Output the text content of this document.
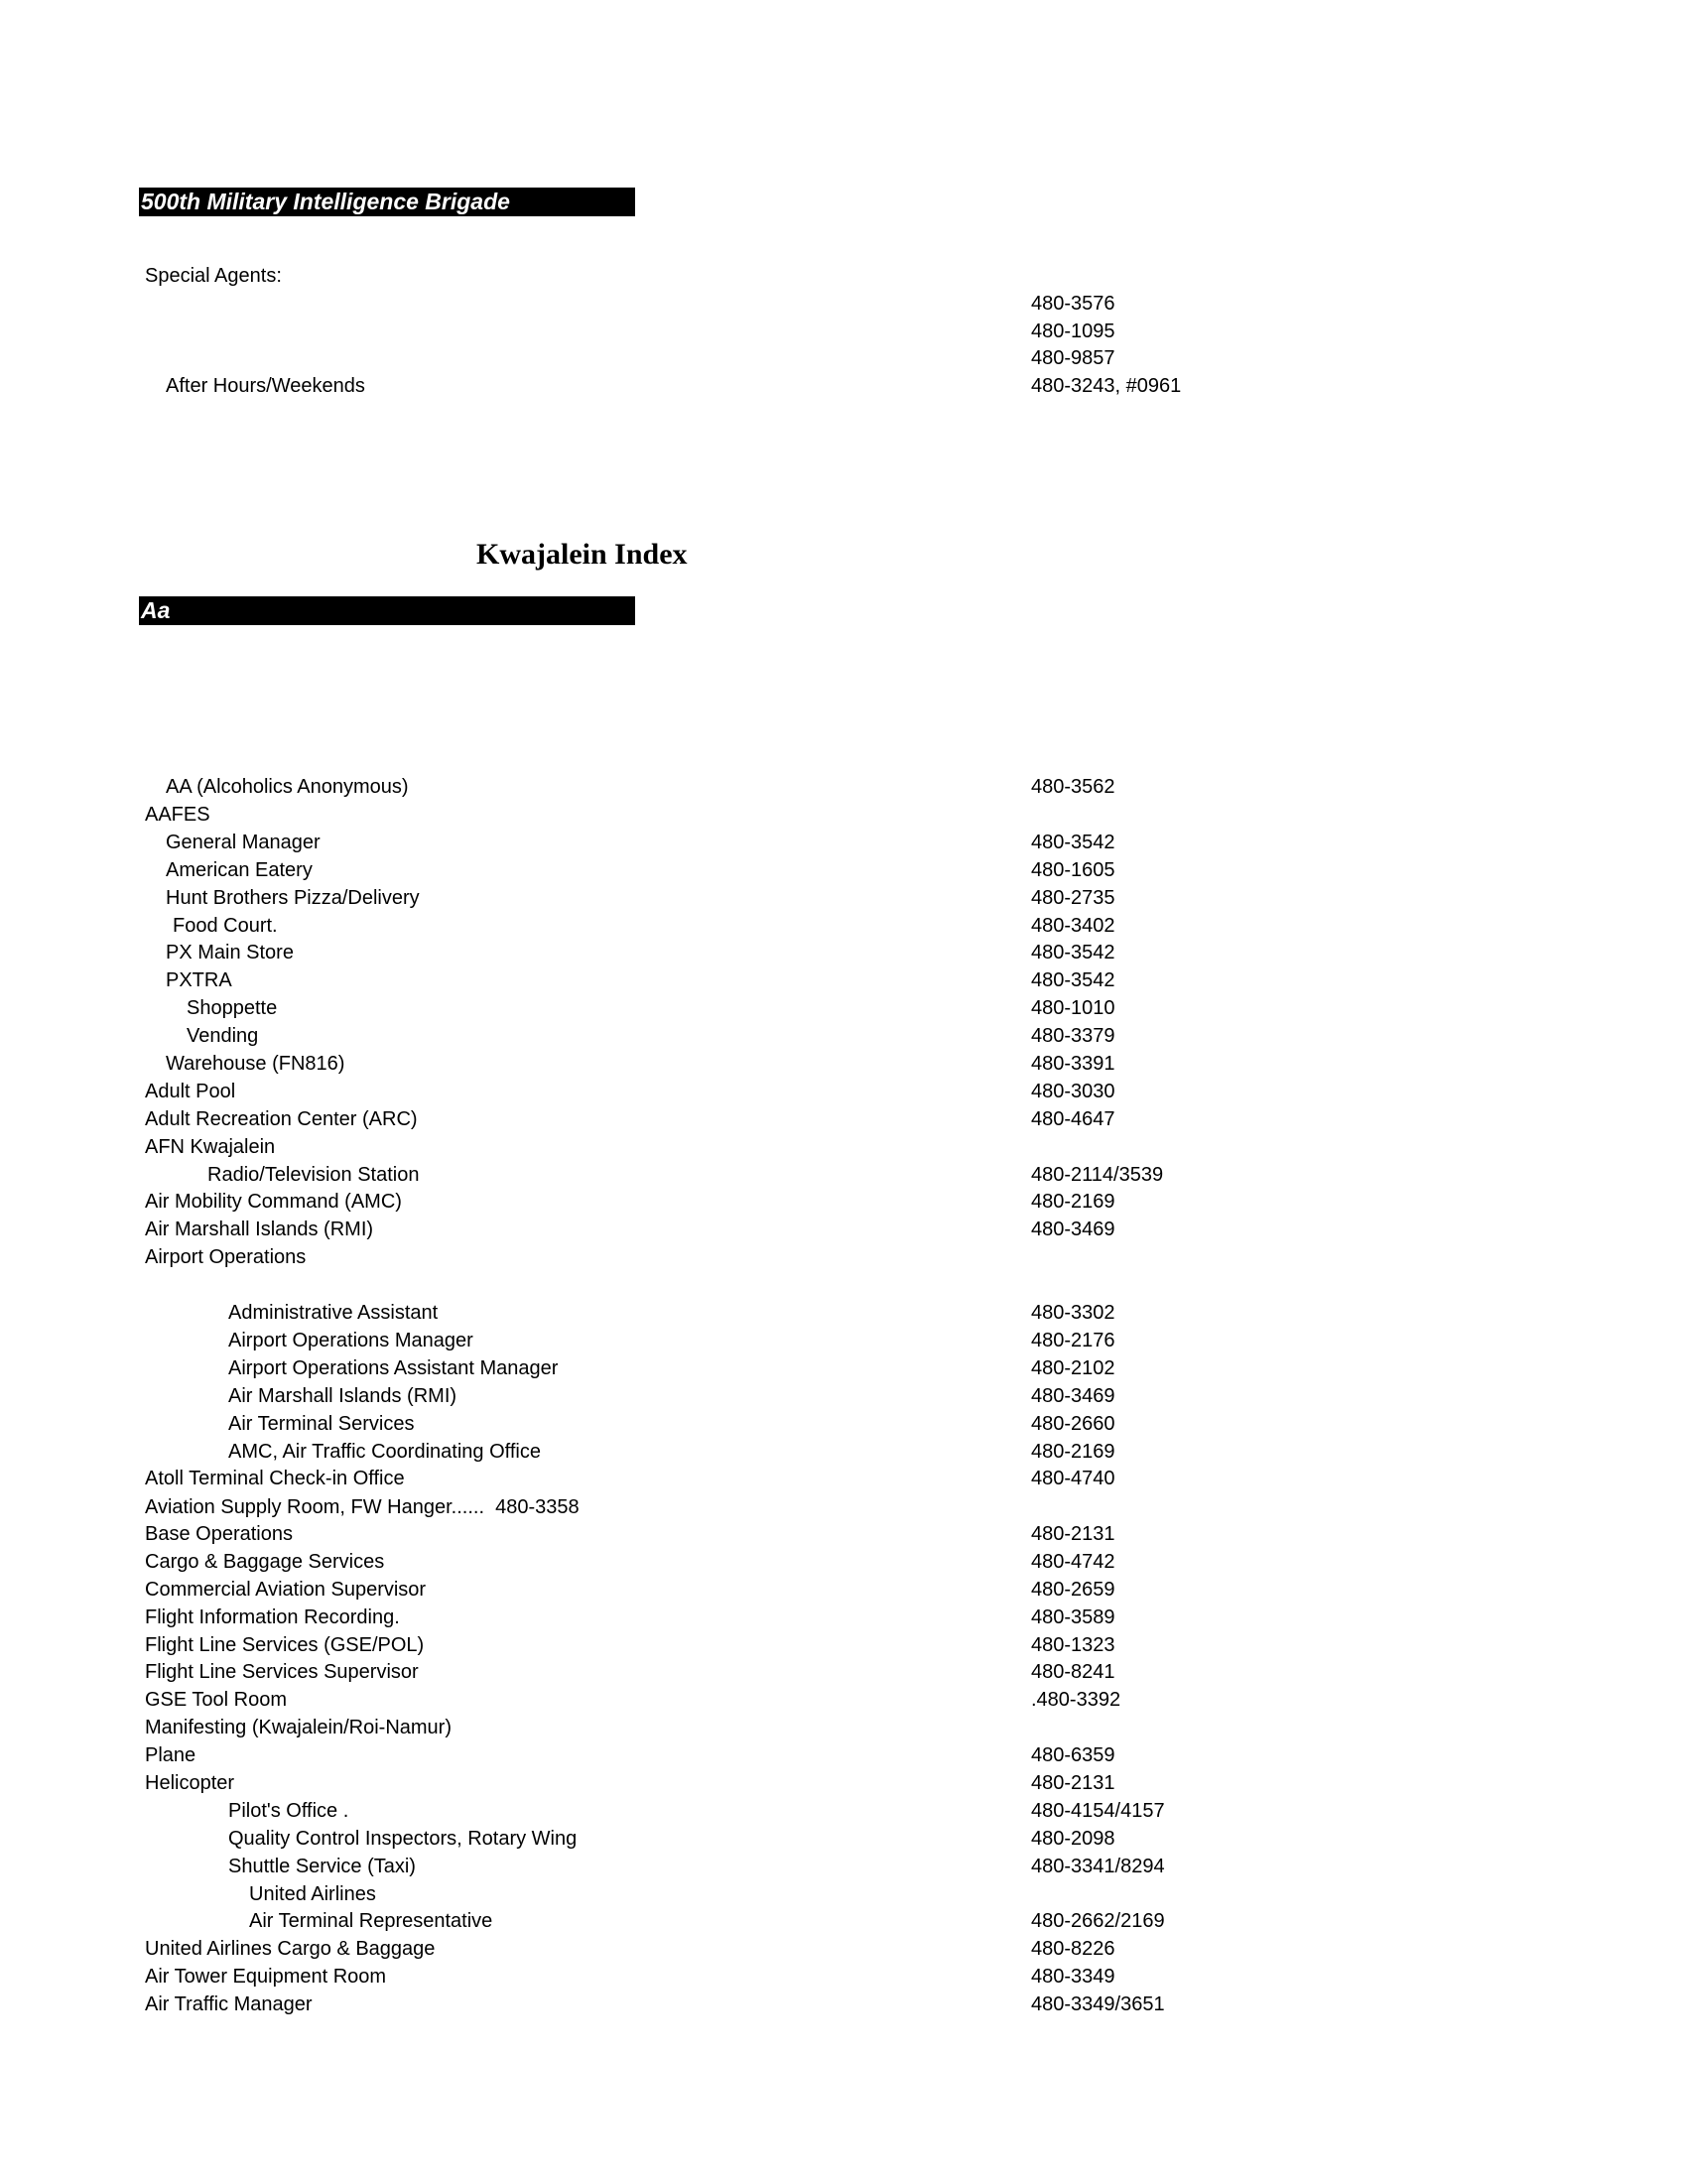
500th Military Intelligence Brigade
Special Agents:
480-3576
480-1095
480-9857
After Hours/Weekends	480-3243, #0961
Kwajalein Index
Aa
AA (Alcoholics Anonymous)	480-3562
AAFES
General Manager	480-3542
American Eatery	480-1605
Hunt Brothers Pizza/Delivery	480-2735
Food Court.	480-3402
PX Main Store	480-3542
PXTRA	480-3542
Shoppette	480-1010
Vending	480-3379
Warehouse (FN816)	480-3391
Adult Pool	480-3030
Adult Recreation Center (ARC)	480-4647
AFN Kwajalein
Radio/Television Station	480-2114/3539
Air Mobility Command (AMC)	480-2169
Air Marshall Islands (RMI)	480-3469
Airport Operations
Administrative Assistant	480-3302
Airport Operations Manager	480-2176
Airport Operations Assistant Manager	480-2102
Air Marshall Islands (RMI)	480-3469
Air Terminal Services	480-2660
AMC, Air Traffic Coordinating Office	480-2169
Atoll Terminal Check-in Office	480-4740
Aviation Supply Room, FW Hanger......  480-3358
Base Operations	480-2131
Cargo & Baggage Services	480-4742
Commercial Aviation Supervisor	480-2659
Flight Information Recording.	480-3589
Flight Line Services (GSE/POL)	480-1323
Flight Line Services Supervisor	480-8241
GSE Tool Room	.480-3392
Manifesting (Kwajalein/Roi-Namur)
Plane	480-6359
Helicopter	480-2131
Pilot's Office .	480-4154/4157
Quality Control Inspectors, Rotary Wing	480-2098
Shuttle Service (Taxi)	480-3341/8294
United Airlines
Air Terminal Representative	480-2662/2169
United Airlines Cargo & Baggage	480-8226
Air Tower Equipment Room	480-3349
Air Traffic Manager	480-3349/3651
